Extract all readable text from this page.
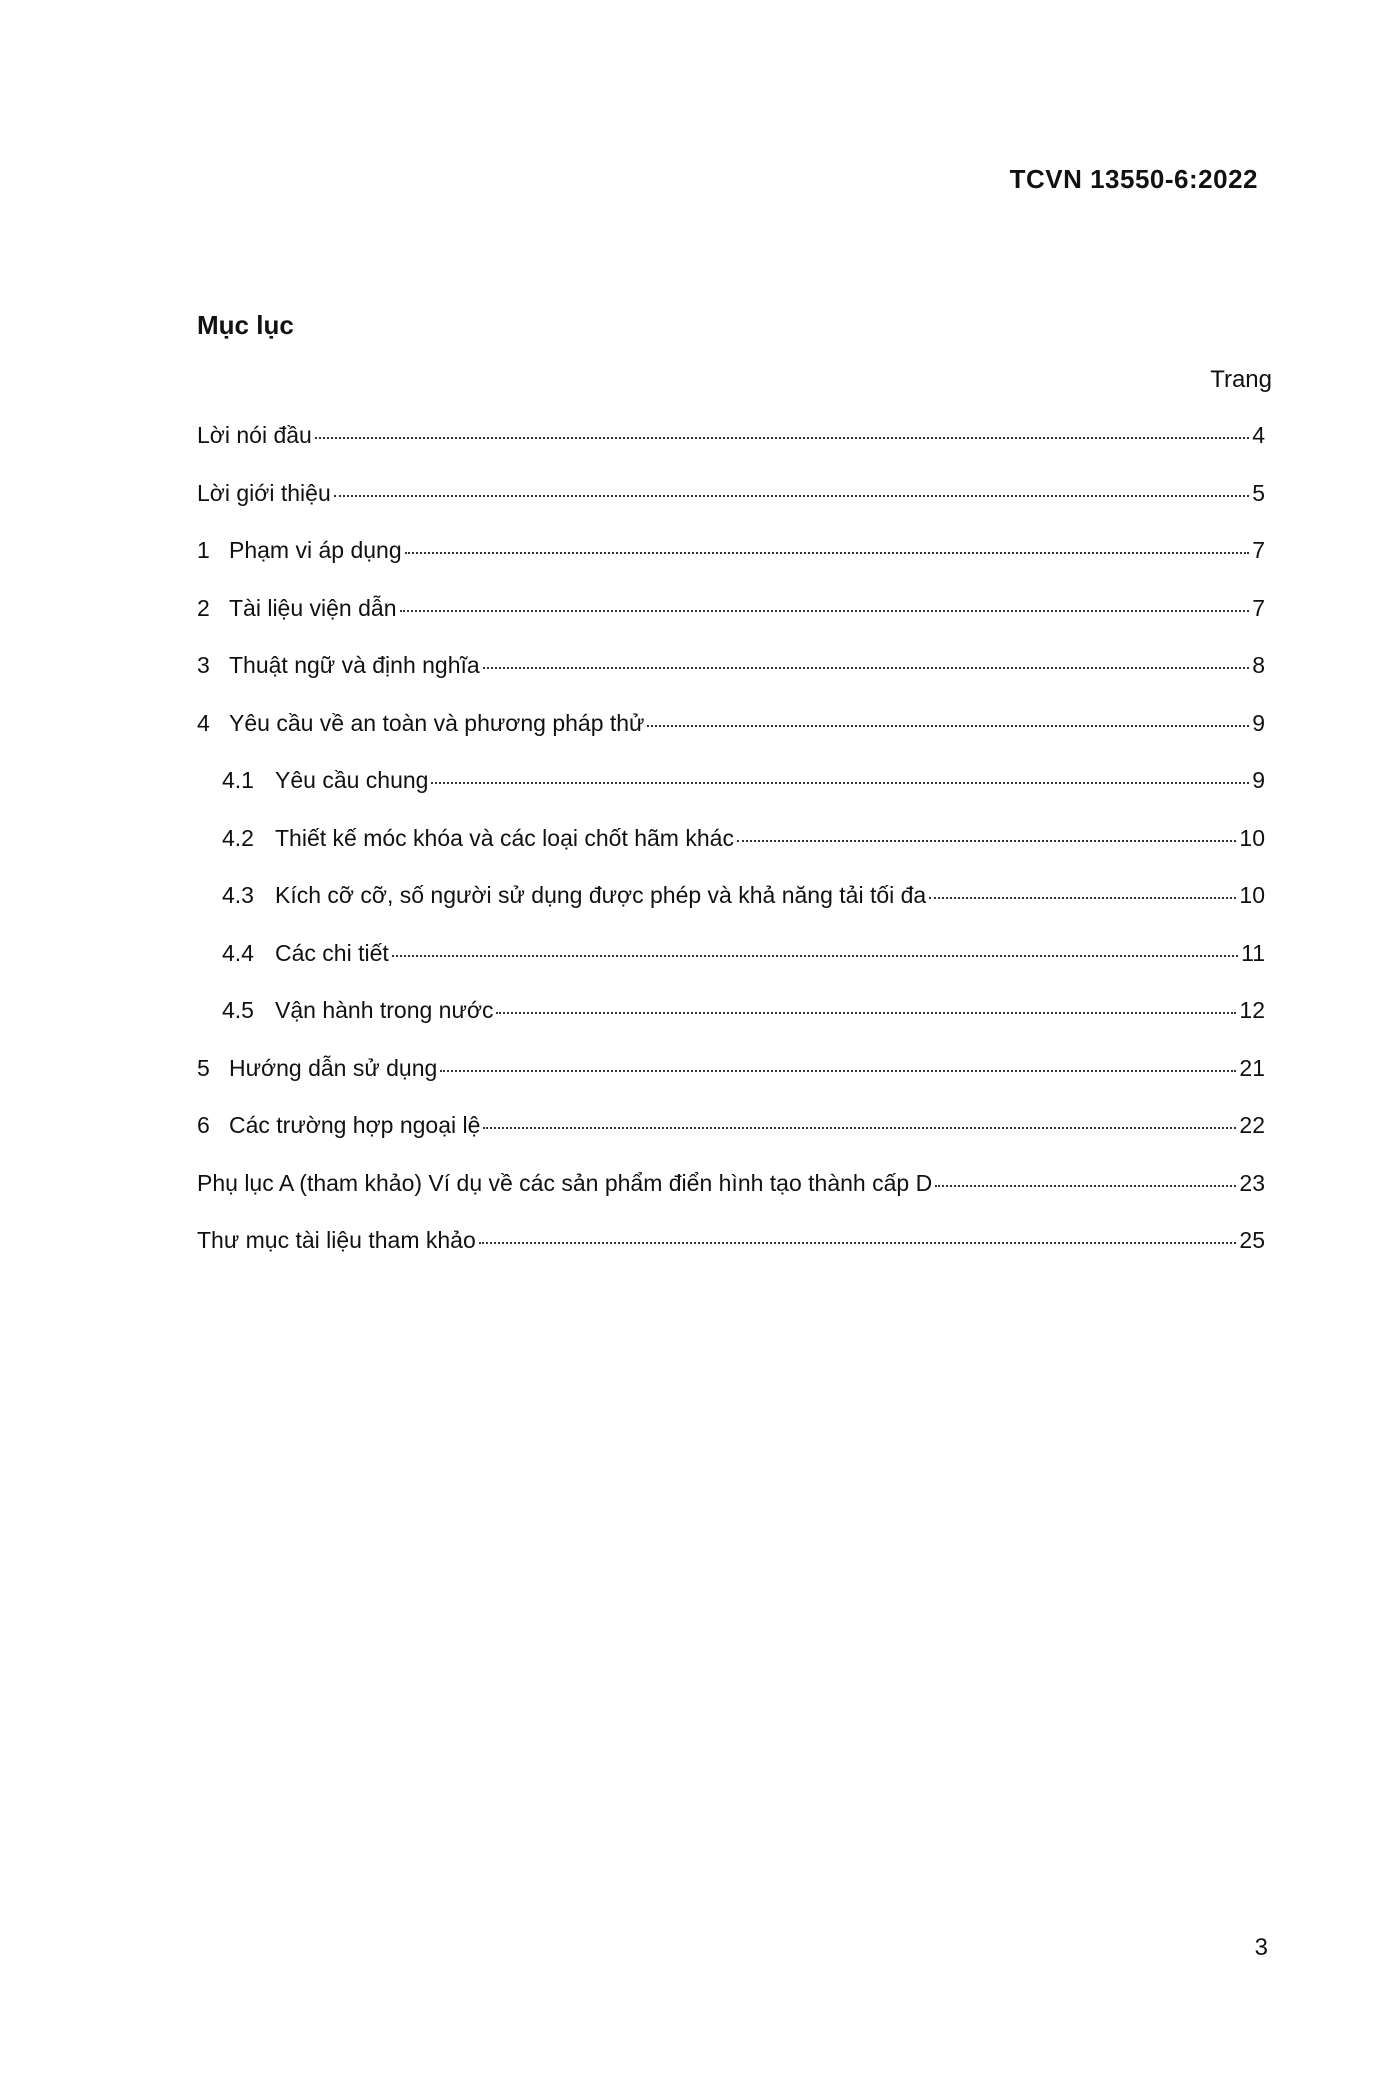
TCVN 13550-6:2022
Mục lục
Trang
Lời nói đầu	4
Lời giới thiệu	5
1 Phạm vi áp dụng	7
2 Tài liệu viện dẫn	7
3 Thuật ngữ và định nghĩa	8
4 Yêu cầu về an toàn và phương pháp thử	9
4.1 Yêu cầu chung	9
4.2 Thiết kế móc khóa và các loại chốt hãm khác	10
4.3 Kích cỡ cỡ, số người sử dụng được phép và khả năng tải tối đa	10
4.4 Các chi tiết	11
4.5 Vận hành trong nước	12
5 Hướng dẫn sử dụng	21
6 Các trường hợp ngoại lệ	22
Phụ lục A (tham khảo) Ví dụ về các sản phẩm điển hình tạo thành cấp D	23
Thư mục tài liệu tham khảo	25
3
